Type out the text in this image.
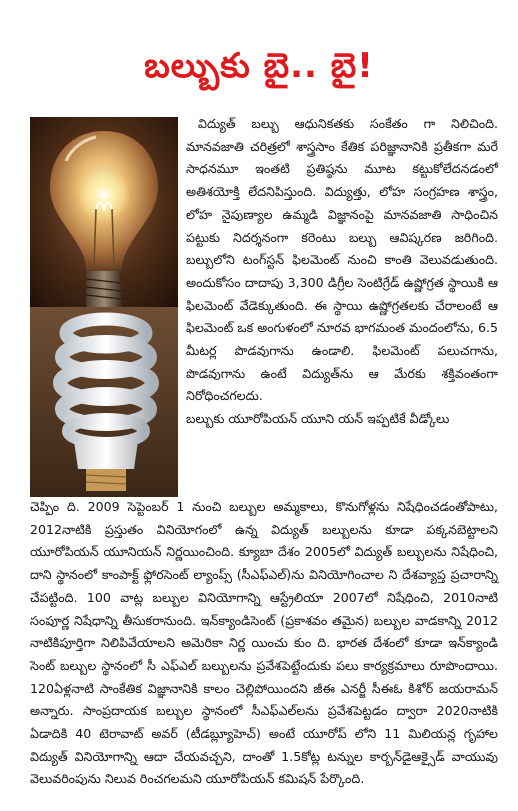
బల్బుకు బై.. బై!

విద్యుత్ బల్బు ఆధునికతకు సంకేతం గా నిలిచింది. మానవజాతి చరిత్రలో శాస్త్రసాం కేతిక పరిజ్ఞానానికి ప్రతీకగా మరే సాధనమూ ఇంతటి ప్రతిష్ఠను మూట కట్టుకోలేదనడంలో అతిశయోక్తి లేదనిపిస్తుంది. విద్యుత్తు, లోహ సంగ్రహణ శాస్త్రం, లోహ నైపుణ్యాల ఉమ్మడి విజ్ఞానంపై మానవజాతి సాధించిన పట్టుకు నిదర్శనంగా కరెంటు బల్బు ఆవిష్కరణ జరిగింది. బల్బులోని టంగ్‌స్టన్ ఫిలమెంట్ నుంచి కాంతి వెలువడుతుంది. అందుకోసం దాదాపు 3,300 డిగ్రీల సెంటిగ్రేడ్ ఉష్ణోగ్రత స్థాయికి ఆ ఫిలమెంట్ వేడెక్కుతుంది. ఈ స్థాయి ఉష్ణోగ్రతలకు చేరాలంటే ఆ ఫిలమెంట్ ఒక అంగుళంలో నూరవ భాగమంత మందంలోను, 6.5 మీటర్ల పొడవుగాను ఉండాలి. ఫిలమెంట్ పలుచగాను, పొడవుగాను ఉంటే విద్యుత్‌ను ఆ మేరకు శక్తివంతంగా నిరోధించగలదు.

బల్బుకు యూరోపియన్ యూని యన్ ఇప్పటికే వీడ్కోలు

చెప్పిం ది. 2009 సెప్టెంబర్ 1 నుంచి బల్బుల అమ్మకాలు, కొనుగోళ్లను నిషేధించడంతోపాటు, 2012నాటికి ప్రస్తుతం వినియోగంలో ఉన్న విద్యుత్ బల్బులను కూడా పక్కనబెట్టాలని యూరోపియన్ యూనియన్ నిర్ణయించింది. క్యూబా దేశం 2005లో విద్యుత్ బల్బులను నిషేధించి, దాని స్థానంలో కాంపాక్ట్ ఫ్లోరసెంట్ ల్యాంప్స్ (సీఎఫ్ఎల్)ను వినియోగించాల ని దేశవ్యాప్త ప్రచారాన్ని చేపట్టింది. 100 వాట్ల బల్బుల వినియోగాన్ని ఆస్ట్రేలియా 2007లో నిషేధించి, 2010నాటి సంపూర్ణ నిషేధాన్ని తీసుకరానుంది. ఇన్‌క్యాండిసెంట్ (ప్రకాశవం తమైన) బల్బుల వాడకాన్ని 2012 నాటికిపూర్తిగా నిలిపివేయాలని అమెరికా నిర్ణ యించు కుం ది. భారత దేశంలో కూడా ఇన్‌క్యాండి సెంట్ బల్బుల స్థానంలో సీ ఎఫ్ఎల్ బల్బులను ప్రవేశపెట్టేందుకు పలు కార్యక్రమాలు రూపొందాయి. 120ఏళ్లనాటి సాంకేతిక విజ్ఞానానికి కాలం చెల్లిపోయిందని జీఈ ఎనర్జీ సీఈఓ కిశోర్ జయరామన్ అన్నారు. సాంప్రదాయక బల్బుల స్థానంలో సీఎఫ్ఎల్‌లను ప్రవేశపెట్టడం ద్వారా 2020నాటికి ఏడాదికి 40 టెరావాట్ అవర్ (టీడబ్ల్యూహెచ్) అంటే యూరోప్ లోని 11 మిలియన్ల గృహాల విద్యుత్ వినియోగాన్ని ఆదా చేయవచ్చని, దాంతో 1.5కోట్ల టన్నుల కార్బన్‌డైఆక్సైడ్ వాయువు వెలువరింపును నిలువ రించగలమని యూరోపియన్ కమిషన్ పేర్కొంది.
